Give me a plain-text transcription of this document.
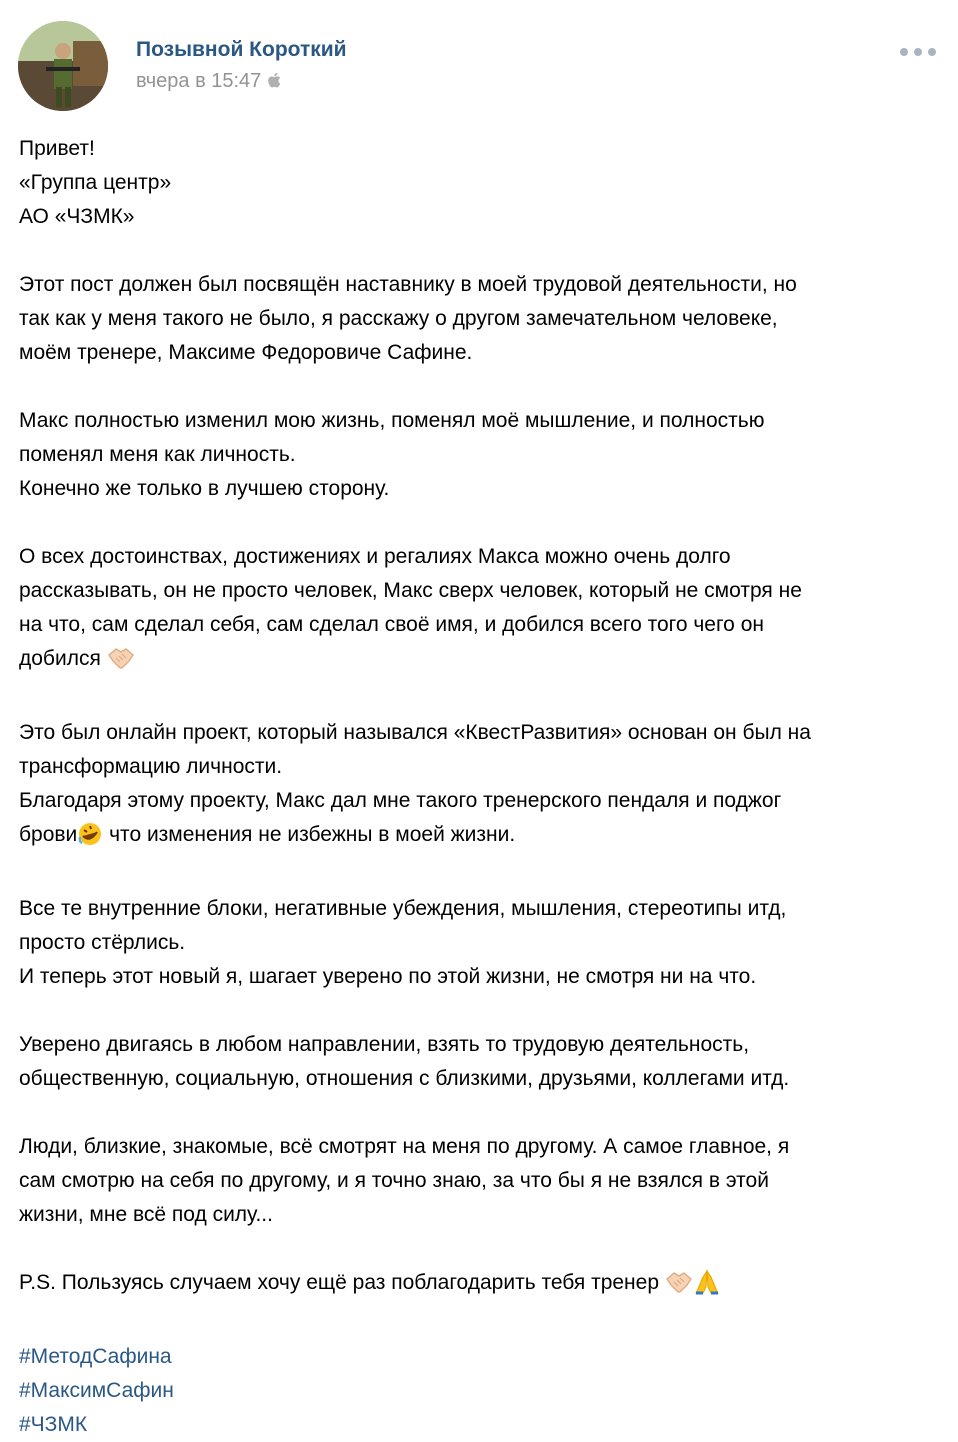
Позывной Короткий
вчера в 15:47

Привет!

«Группа центр»

АО «ЧЗМК»

Этот пост должен был посвящён наставнику в моей трудовой деятельности, но

так как у меня такого не было, я расскажу о другом замечательном человеке,

моём тренере, Максиме Федоровиче Сафине.

Макс полностью изменил мою жизнь, поменял моё мышление, и полностью

поменял меня как личность.

Конечно же только в лучшею сторону.

О всех достоинствах, достижениях и регалиях Макса можно очень долго

рассказывать, он не просто человек, Макс сверх человек, который не смотря не

на что, сам сделал себя, сам сделал своё имя, и добился всего того чего он

добился

Это был онлайн проект, который назывался «КвестРазвития» основан он был на

трансформацию личности.

Благодаря этому проекту, Макс дал мне такого тренерского пендаля и поджог

брови что изменения не избежны в моей жизни.

Все те внутренние блоки, негативные убеждения, мышления, стереотипы итд,

просто стёрлись.

И теперь этот новый я, шагает уверено по этой жизни, не смотря ни на что.

Уверено двигаясь в любом направлении, взять то трудовую деятельность,

общественную, социальную, отношения с близкими, друзьями, коллегами итд.

Люди, близкие, знакомые, всё смотрят на меня по другому. А самое главное, я

сам смотрю на себя по другому, и я точно знаю, за что бы я не взялся в этой

жизни, мне всё под силу...

P.S. Пользуясь случаем хочу ещё раз поблагодарить тебя тренер

#МетодСафина

#МаксимСафин

#ЧЗМК
